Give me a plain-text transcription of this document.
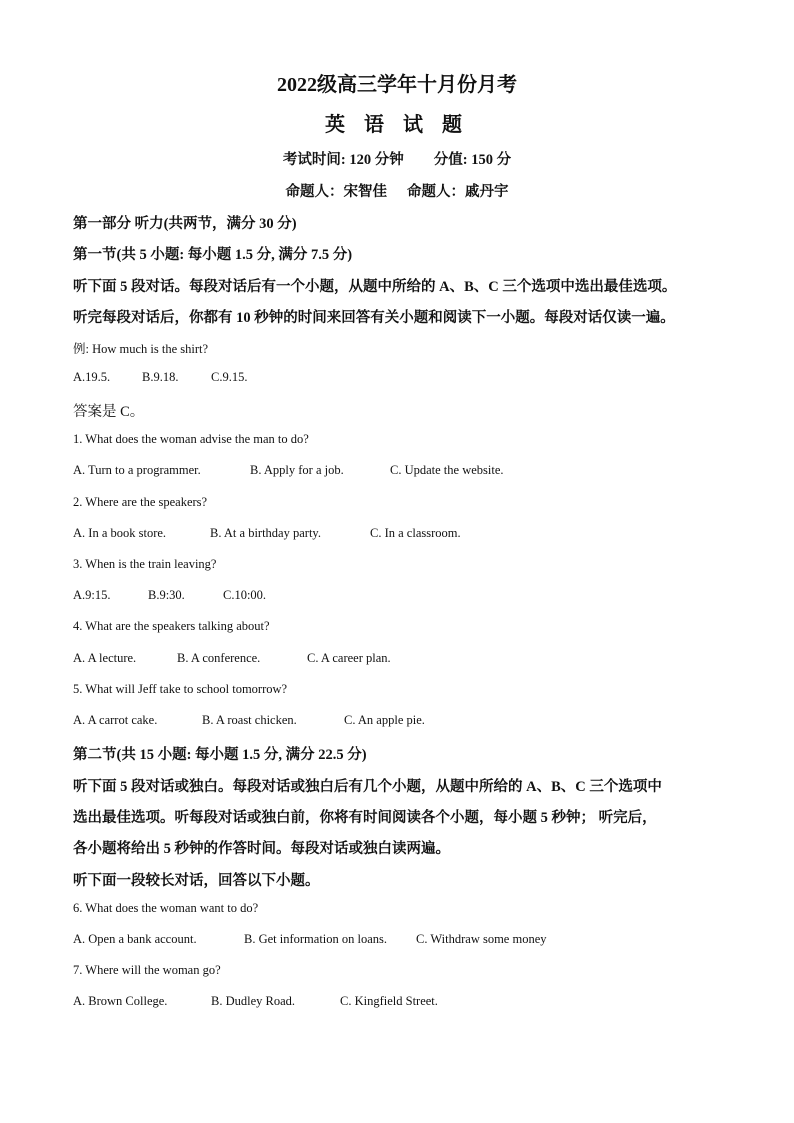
2022级高三学年十月份月考
英 语 试 题
考试时间: 120 分钟 分值: 150 分
命题人：宋智佳 命题人：戚丹宇
第一部分 听力(共两节，满分 30 分)
第一节(共 5 小题: 每小题 1.5 分, 满分 7.5 分)
听下面 5 段对话。每段对话后有一个小题，从题中所给的 A、B、C 三个选项中选出最佳选项。
听完每段对话后，你都有 10 秒钟的时间来回答有关小题和阅读下一小题。每段对话仅读一遍。
例: How much is the shirt?
A.19.5.	B.9.18.	C.9.15.
答案是 C。
1. What does the woman advise the man to do?
A. Turn to a programmer.	B. Apply for a job.	C. Update the website.
2. Where are the speakers?
A. In a book store.	B. At a birthday party.	C. In a classroom.
3. When is the train leaving?
A.9:15.	B.9:30.	C.10:00.
4. What are the speakers talking about?
A. A lecture.	B. A conference.	C. A career plan.
5. What will Jeff take to school tomorrow?
A. A carrot cake.	B. A roast chicken.	C. An apple pie.
第二节(共 15 小题: 每小题 1.5 分, 满分 22.5 分)
听下面 5 段对话或独白。每段对话或独白后有几个小题，从题中所给的 A、B、C 三个选项中
选出最佳选项。听每段对话或独白前，你将有时间阅读各个小题，每小题 5 秒钟； 听完后，
各小题将给出 5 秒钟的作答时间。每段对话或独白读两遍。
听下面一段较长对话，回答以下小题。
6. What does the woman want to do?
A. Open a bank account.	B. Get information on loans. C. Withdraw some money
7. Where will the woman go?
A. Brown College.	B. Dudley Road.	C. Kingfield Street.
